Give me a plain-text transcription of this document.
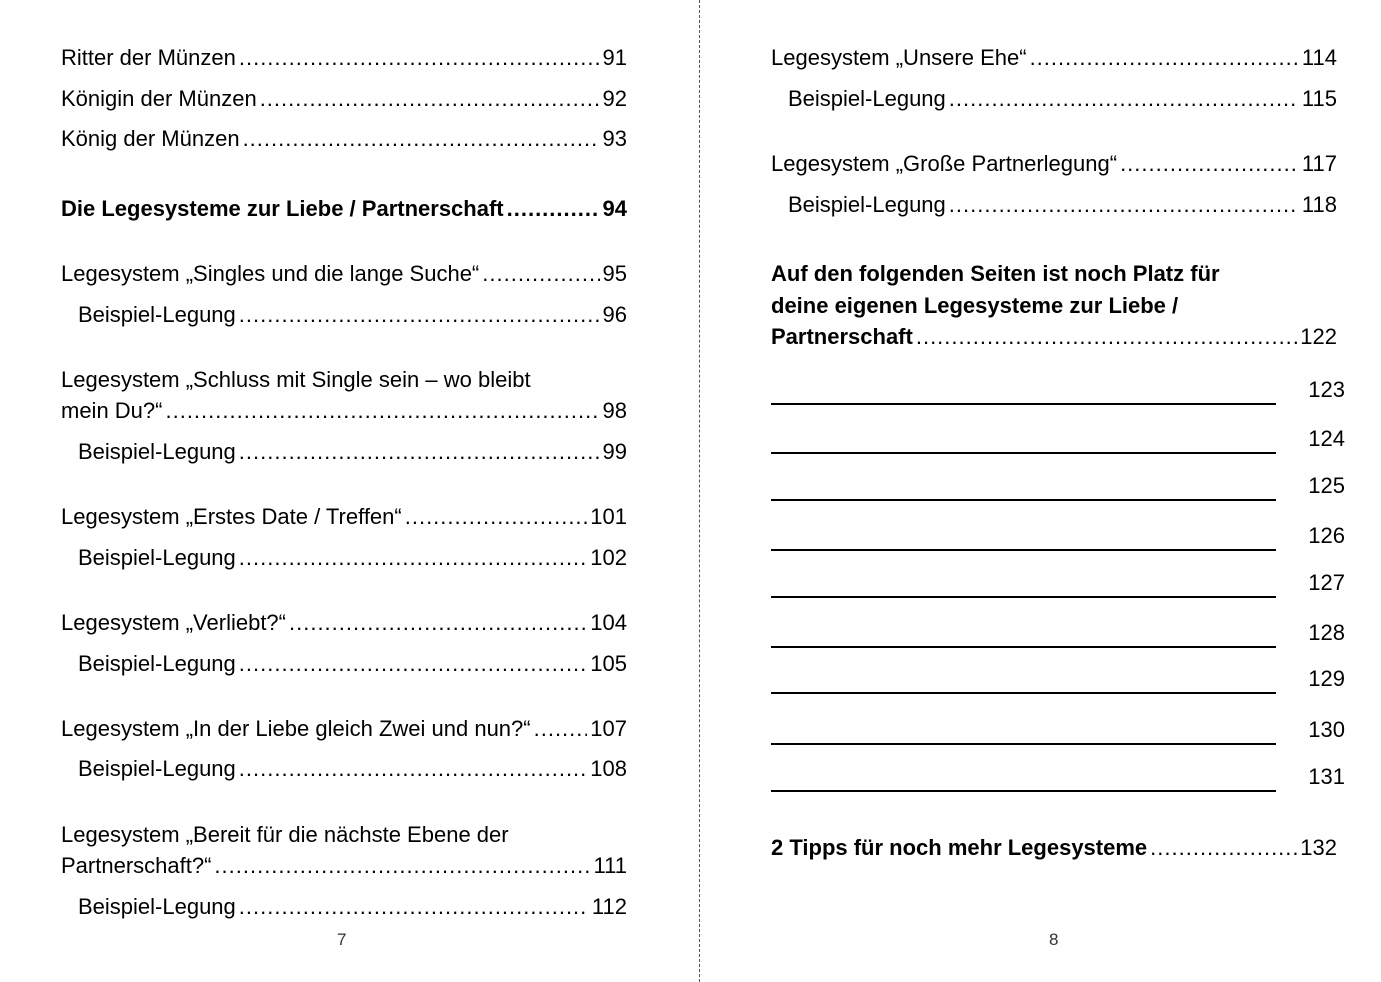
Ritter der Münzen .....	91
Königin der Münzen .....	92
König der Münzen .....	93
Die Legesysteme zur Liebe / Partnerschaft .....	94
Legesystem „Singles und die lange Suche“ .....	95
Beispiel-Legung .....	96
Legesystem „Schluss mit Single sein – wo bleibt
mein Du?“ .....	98
Beispiel-Legung .....	99
Legesystem „Erstes Date / Treffen“ .....	101
Beispiel-Legung .....	102
Legesystem „Verliebt?“ .....	104
Beispiel-Legung .....	105
Legesystem „In der Liebe gleich Zwei und nun?“ .....	107
Beispiel-Legung .....	108
Legesystem „Bereit für die nächste Ebene der
Partnerschaft?“ .....	111
Beispiel-Legung .....	112
7
Legesystem „Unsere Ehe“ .....	114
Beispiel-Legung .....	115
Legesystem „Große Partnerlegung“ .....	117
Beispiel-Legung .....	118
Auf den folgenden Seiten ist noch Platz für
deine eigenen Legesysteme zur Liebe /
Partnerschaft .....	122
123
124
125
126
127
128
129
130
131
2 Tipps für noch mehr Legesysteme .....	132
8
